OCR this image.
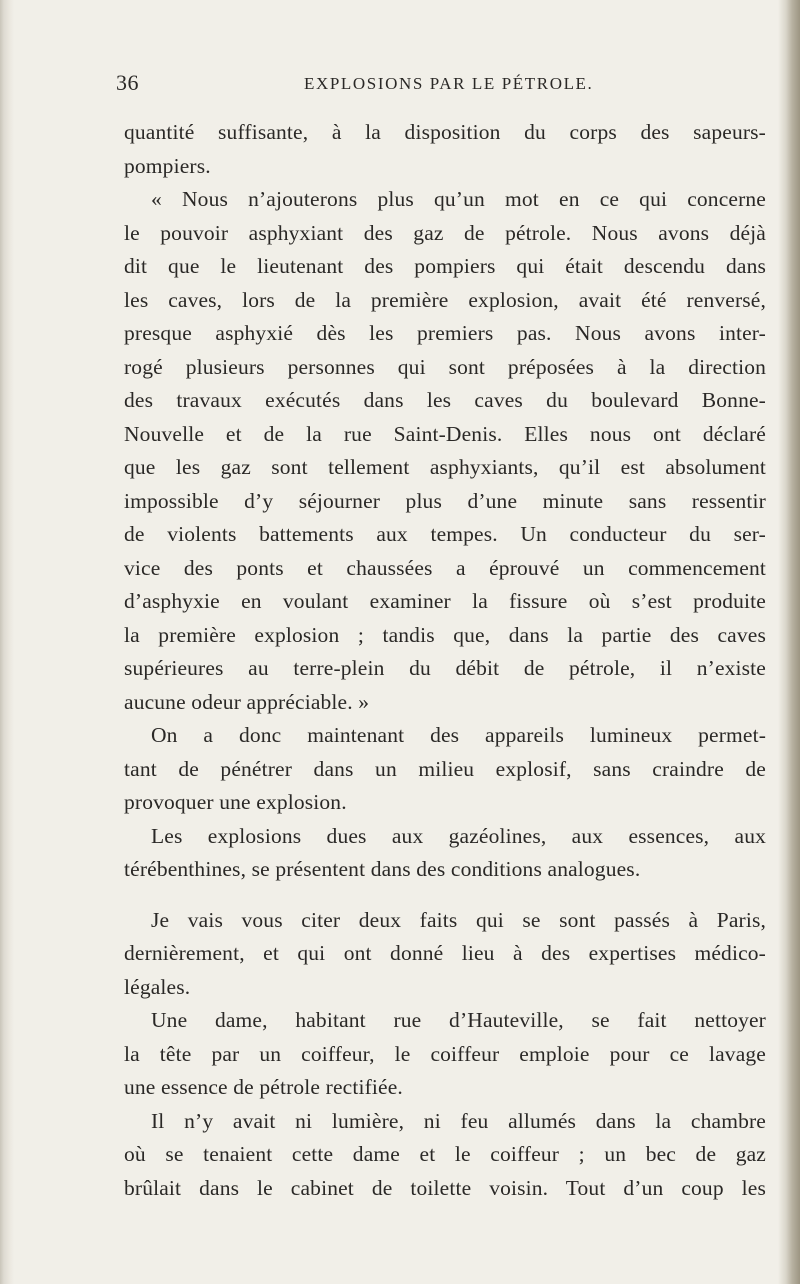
36	EXPLOSIONS PAR LE PÉTROLE.
quantité suffisante, à la disposition du corps des sapeurs-
pompiers.
« Nous n’ajouterons plus qu’un mot en ce qui concerne
le pouvoir asphyxiant des gaz de pétrole. Nous avons déjà
dit que le lieutenant des pompiers qui était descendu dans
les caves, lors de la première explosion, avait été renversé,
presque asphyxié dès les premiers pas. Nous avons inter-
rogé plusieurs personnes qui sont préposées à la direction
des travaux exécutés dans les caves du boulevard Bonne-
Nouvelle et de la rue Saint-Denis. Elles nous ont déclaré
que les gaz sont tellement asphyxiants, qu’il est absolument
impossible d’y séjourner plus d’une minute sans ressentir
de violents battements aux tempes. Un conducteur du ser-
vice des ponts et chaussées a éprouvé un commencement
d’asphyxie en voulant examiner la fissure où s’est produite
la première explosion ; tandis que, dans la partie des caves
supérieures au terre-plein du débit de pétrole, il n’existe
aucune odeur appréciable. »
On a donc maintenant des appareils lumineux permet-
tant de pénétrer dans un milieu explosif, sans craindre de
provoquer une explosion.
Les explosions dues aux gazéolines, aux essences, aux
térébenthines, se présentent dans des conditions analogues.
Je vais vous citer deux faits qui se sont passés à Paris,
dernièrement, et qui ont donné lieu à des expertises médico-
légales.
Une dame, habitant rue d’Hauteville, se fait nettoyer
la tête par un coiffeur, le coiffeur emploie pour ce lavage
une essence de pétrole rectifiée.
Il n’y avait ni lumière, ni feu allumés dans la chambre
où se tenaient cette dame et le coiffeur ; un bec de gaz
brûlait dans le cabinet de toilette voisin. Tout d’un coup les
